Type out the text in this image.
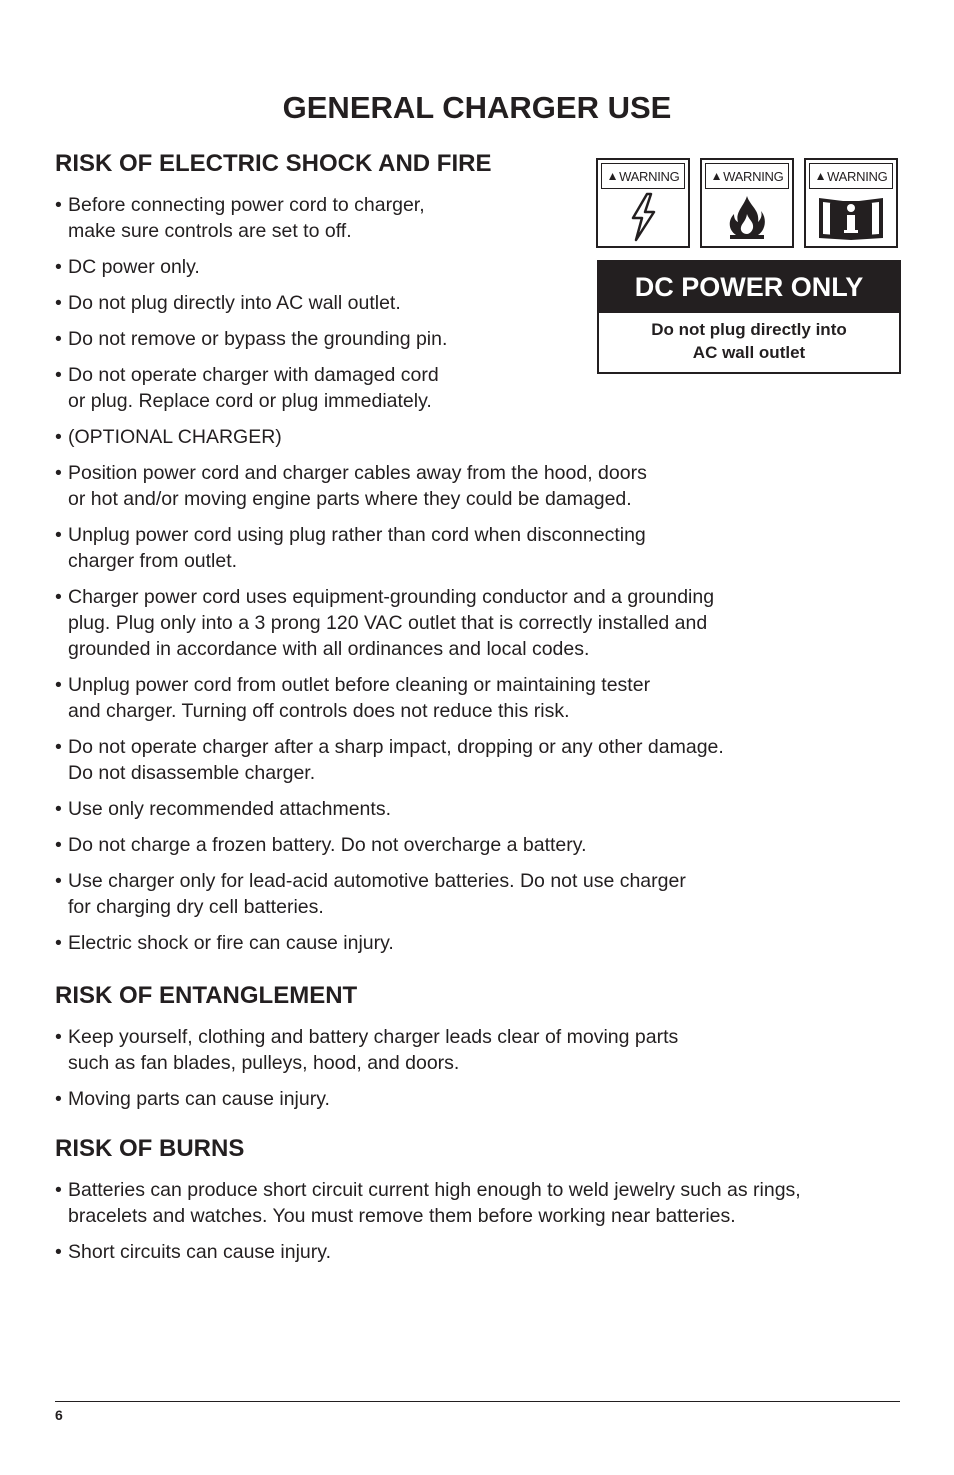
GENERAL CHARGER USE
RISK OF ELECTRIC SHOCK AND FIRE
• Before connecting power cord to charger,
make sure controls are set to off.
• DC power only.
• Do not plug directly into AC wall outlet.
• Do not remove or bypass the grounding pin.
• Do not operate charger with damaged cord
or plug. Replace cord or plug immediately.
• (OPTIONAL CHARGER)
• Position power cord and charger cables away from the hood, doors
or hot and/or moving engine parts where they could be damaged.
• Unplug power cord using plug rather than cord when disconnecting
charger from outlet.
• Charger power cord uses equipment-grounding conductor and a grounding
plug. Plug only into a 3 prong 120 VAC outlet that is correctly installed and
grounded in accordance with all ordinances and local codes.
• Unplug power cord from outlet before cleaning or maintaining tester
and charger. Turning off controls does not reduce this risk.
• Do not operate charger after a sharp impact, dropping or any other damage.
Do not disassemble charger.
• Use only recommended attachments.
• Do not charge a frozen battery. Do not overcharge a battery.
• Use charger only for lead-acid automotive batteries. Do not use charger
for charging dry cell batteries.
• Electric shock or fire can cause injury.
RISK OF ENTANGLEMENT
• Keep yourself, clothing and battery charger leads clear of moving parts
such as fan blades, pulleys, hood, and doors.
• Moving parts can cause injury.
RISK OF BURNS
• Batteries can produce short circuit current high enough to weld jewelry such as rings,
bracelets and watches. You must remove them before working near batteries.
• Short circuits can cause injury.
▲ WARNING	▲ WARNING	▲ WARNING
DC POWER ONLY
Do not plug directly into
AC wall outlet
6
